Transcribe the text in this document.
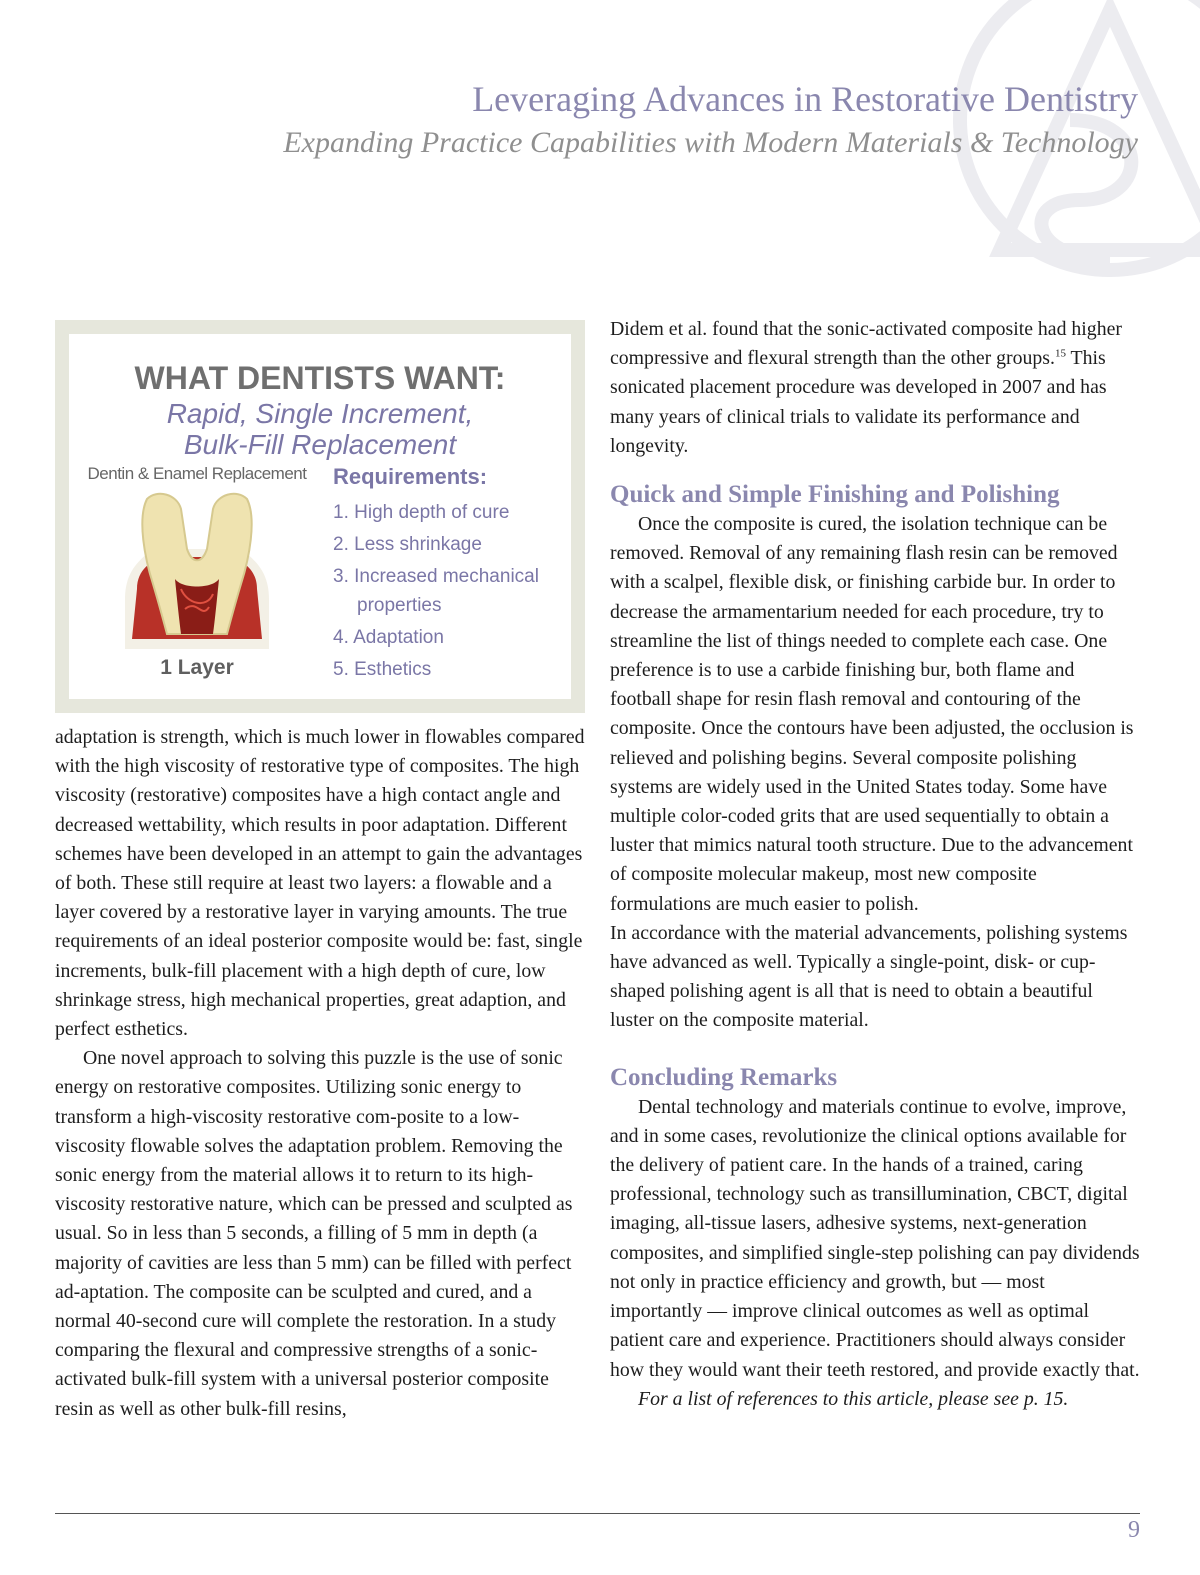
Leveraging Advances in Restorative Dentistry
Expanding Practice Capabilities with Modern Materials & Technology
WHAT DENTISTS WANT:
Rapid, Single Increment,
Bulk-Fill Replacement
Dentin & Enamel Replacement
1 Layer
Requirements:
1. High depth of cure
2. Less shrinkage
3. Increased mechanical properties
4. Adaptation
5. Esthetics

adaptation is strength, which is much lower in flowables compared with the high viscosity of restorative type of composites. The high viscosity (restorative) composites have a high contact angle and decreased wettability, which results in poor adaptation. Different schemes have been developed in an attempt to gain the advantages of both. These still require at least two layers: a flowable and a layer covered by a restorative layer in varying amounts. The true requirements of an ideal posterior composite would be: fast, single increments, bulk-fill placement with a high depth of cure, low shrinkage stress, high mechanical properties, great adaption, and perfect esthetics.

One novel approach to solving this puzzle is the use of sonic energy on restorative composites. Utilizing sonic energy to transform a high-viscosity restorative com-posite to a low-viscosity flowable solves the adaptation problem. Removing the sonic energy from the material allows it to return to its high-viscosity restorative nature, which can be pressed and sculpted as usual. So in less than 5 seconds, a filling of 5 mm in depth (a majority of cavities are less than 5 mm) can be filled with perfect ad-aptation. The composite can be sculpted and cured, and a normal 40-second cure will complete the restoration. In a study comparing the flexural and compressive strengths of a sonic-activated bulk-fill system with a universal posterior composite resin as well as other bulk-fill resins,

Didem et al. found that the sonic-activated composite had higher compressive and flexural strength than the other groups.$^{15}$ This sonicated placement procedure was developed in 2007 and has many years of clinical trials to validate its performance and longevity.

Quick and Simple Finishing and Polishing

Once the composite is cured, the isolation technique can be removed. Removal of any remaining flash resin can be removed with a scalpel, flexible disk, or finishing carbide bur. In order to decrease the armamentarium needed for each procedure, try to streamline the list of things needed to complete each case. One preference is to use a carbide finishing bur, both flame and football shape for resin flash removal and contouring of the composite. Once the contours have been adjusted, the occlusion is relieved and polishing begins. Several composite polishing systems are widely used in the United States today. Some have multiple color-coded grits that are used sequentially to obtain a luster that mimics natural tooth structure. Due to the advancement of composite molecular makeup, most new composite formulations are much easier to polish.

In accordance with the material advancements, polishing systems have advanced as well. Typically a single-point, disk- or cup-shaped polishing agent is all that is need to obtain a beautiful luster on the composite material.

Concluding Remarks

Dental technology and materials continue to evolve, improve, and in some cases, revolutionize the clinical options available for the delivery of patient care. In the hands of a trained, caring professional, technology such as transillumination, CBCT, digital imaging, all-tissue lasers, adhesive systems, next-generation composites, and simplified single-step polishing can pay dividends not only in practice efficiency and growth, but — most importantly — improve clinical outcomes as well as optimal patient care and experience. Practitioners should always consider how they would want their teeth restored, and provide exactly that.

For a list of references to this article, please see p. 15.

9
